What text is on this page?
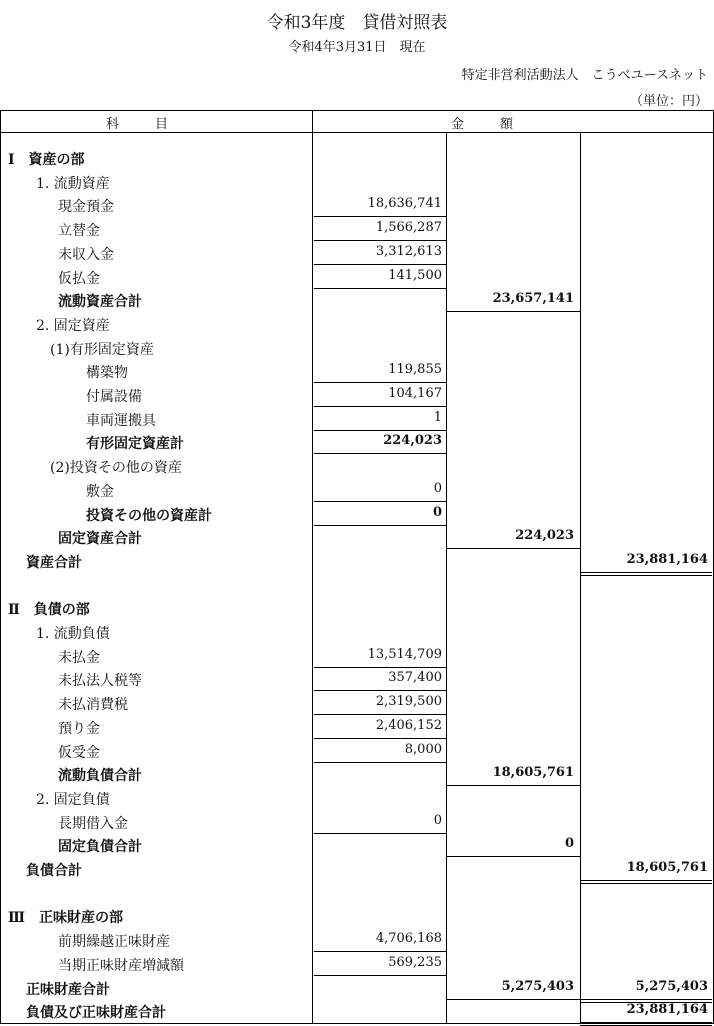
令和3年度　貸借対照表
令和4年3月31日　現在
特定非営利活動法人　こうべユースネット
（単位：円）
科目	金額
Ⅰ　資産の部
1. 流動資産
現金預金	18,636,741
立替金	1,566,287
未収入金	3,312,613
仮払金	141,500
流動資産合計	23,657,141
2. 固定資産
(1)有形固定資産
構築物	119,855
付属設備	104,167
車両運搬具	1
有形固定資産計	224,023
(2)投資その他の資産
敷金	0
投資その他の資産計	0
固定資産合計	224,023
資産合計	23,881,164
Ⅱ　負債の部
1. 流動負債
未払金	13,514,709
未払法人税等	357,400
未払消費税	2,319,500
預り金	2,406,152
仮受金	8,000
流動負債合計	18,605,761
2. 固定負債
長期借入金	0
固定負債合計	0
負債合計	18,605,761
Ⅲ　正味財産の部
前期繰越正味財産	4,706,168
当期正味財産増減額	569,235
正味財産合計	5,275,403	5,275,403
負債及び正味財産合計	23,881,164
